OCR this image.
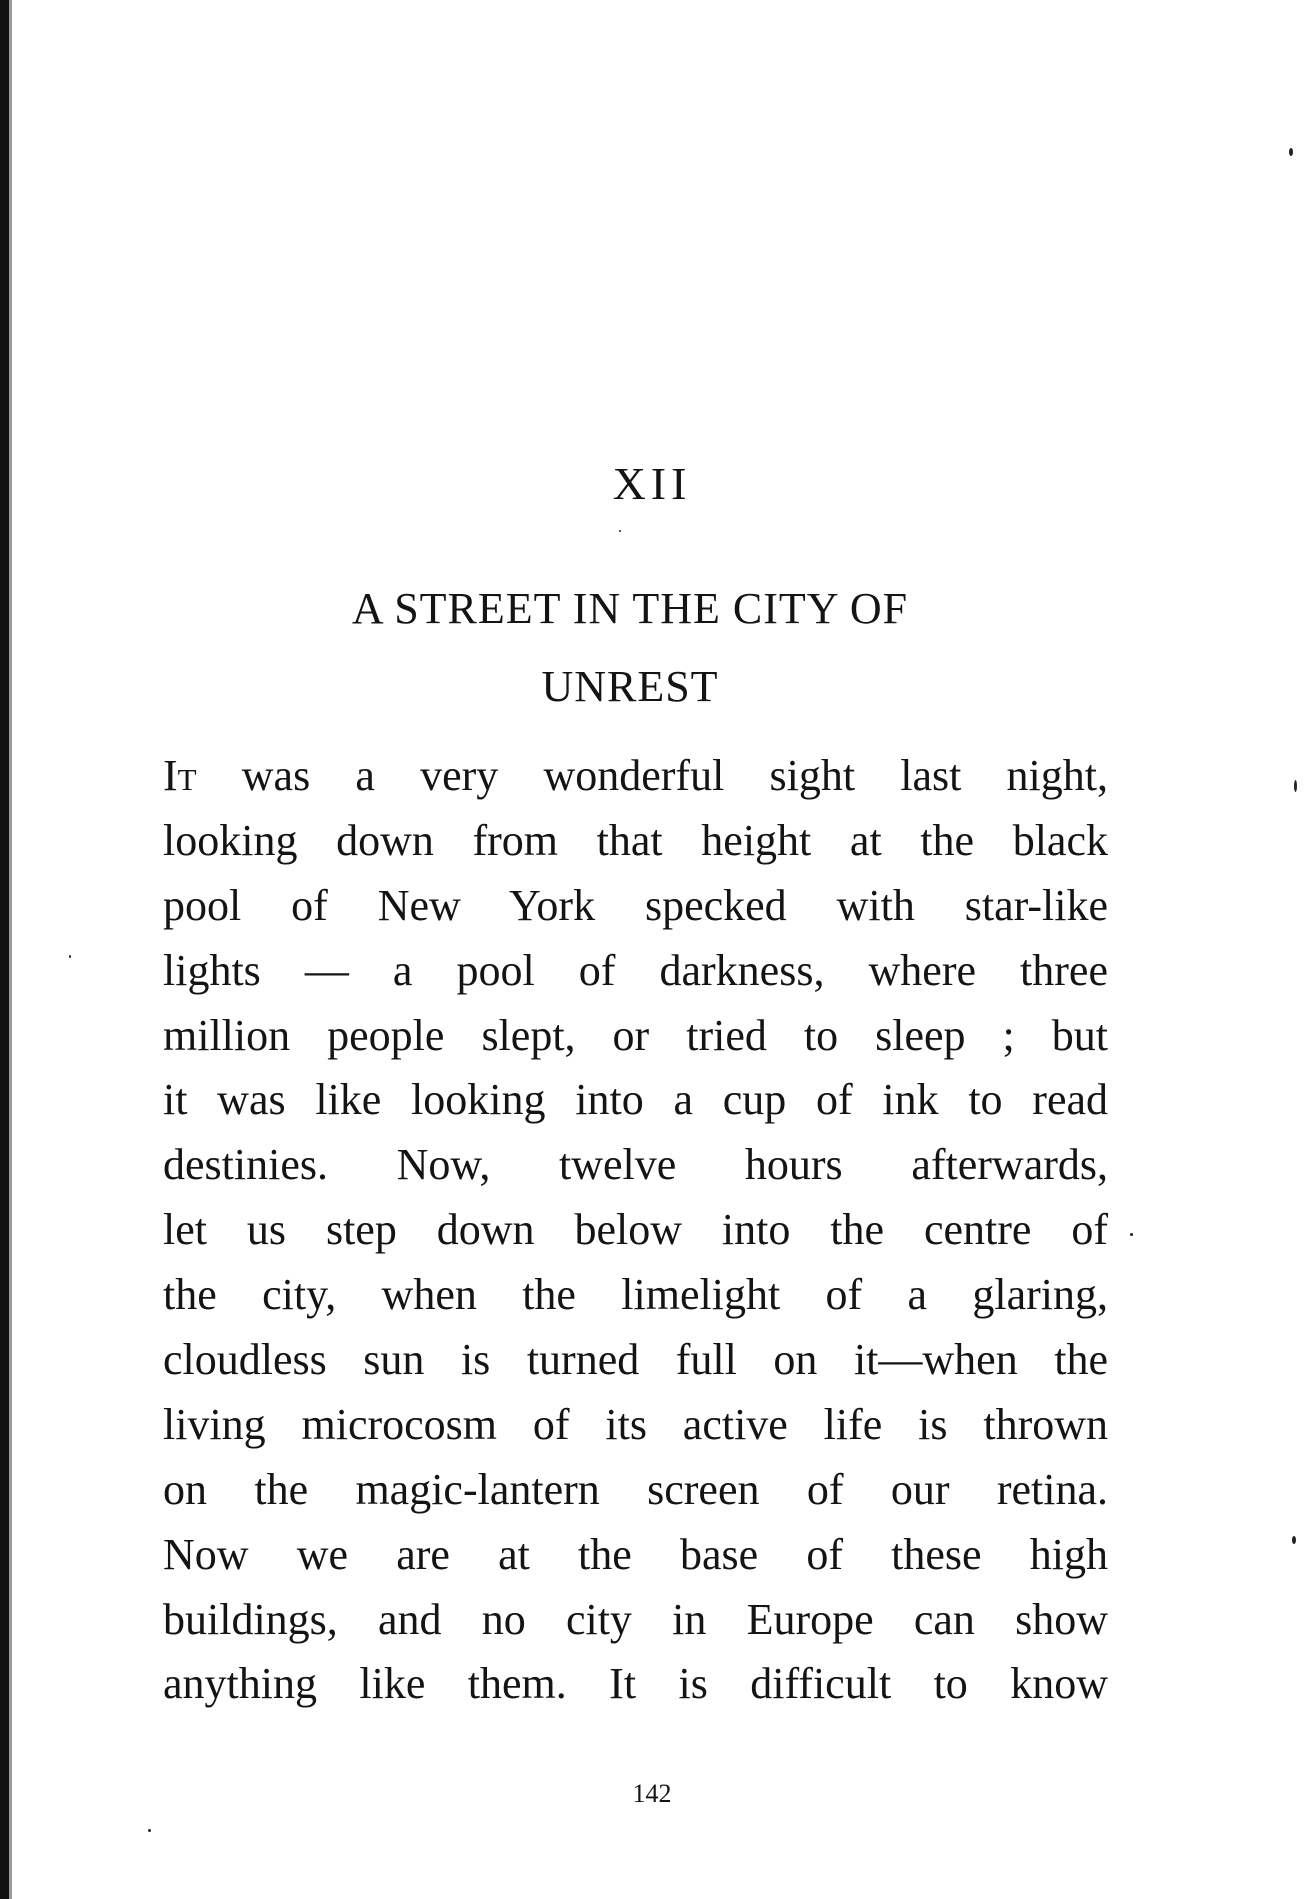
XII
A STREET IN THE CITY OF
UNREST
It was a very wonderful sight last night,
looking down from that height at the black
pool of New York specked with star-like
lights — a pool of darkness, where three
million people slept, or tried to sleep ; but
it was like looking into a cup of ink to read
destinies. Now, twelve hours afterwards,
let us step down below into the centre of
the city, when the limelight of a glaring,
cloudless sun is turned full on it—when the
living microcosm of its active life is thrown
on the magic-lantern screen of our retina.
Now we are at the base of these high
buildings, and no city in Europe can show
anything like them. It is difficult to know
142
